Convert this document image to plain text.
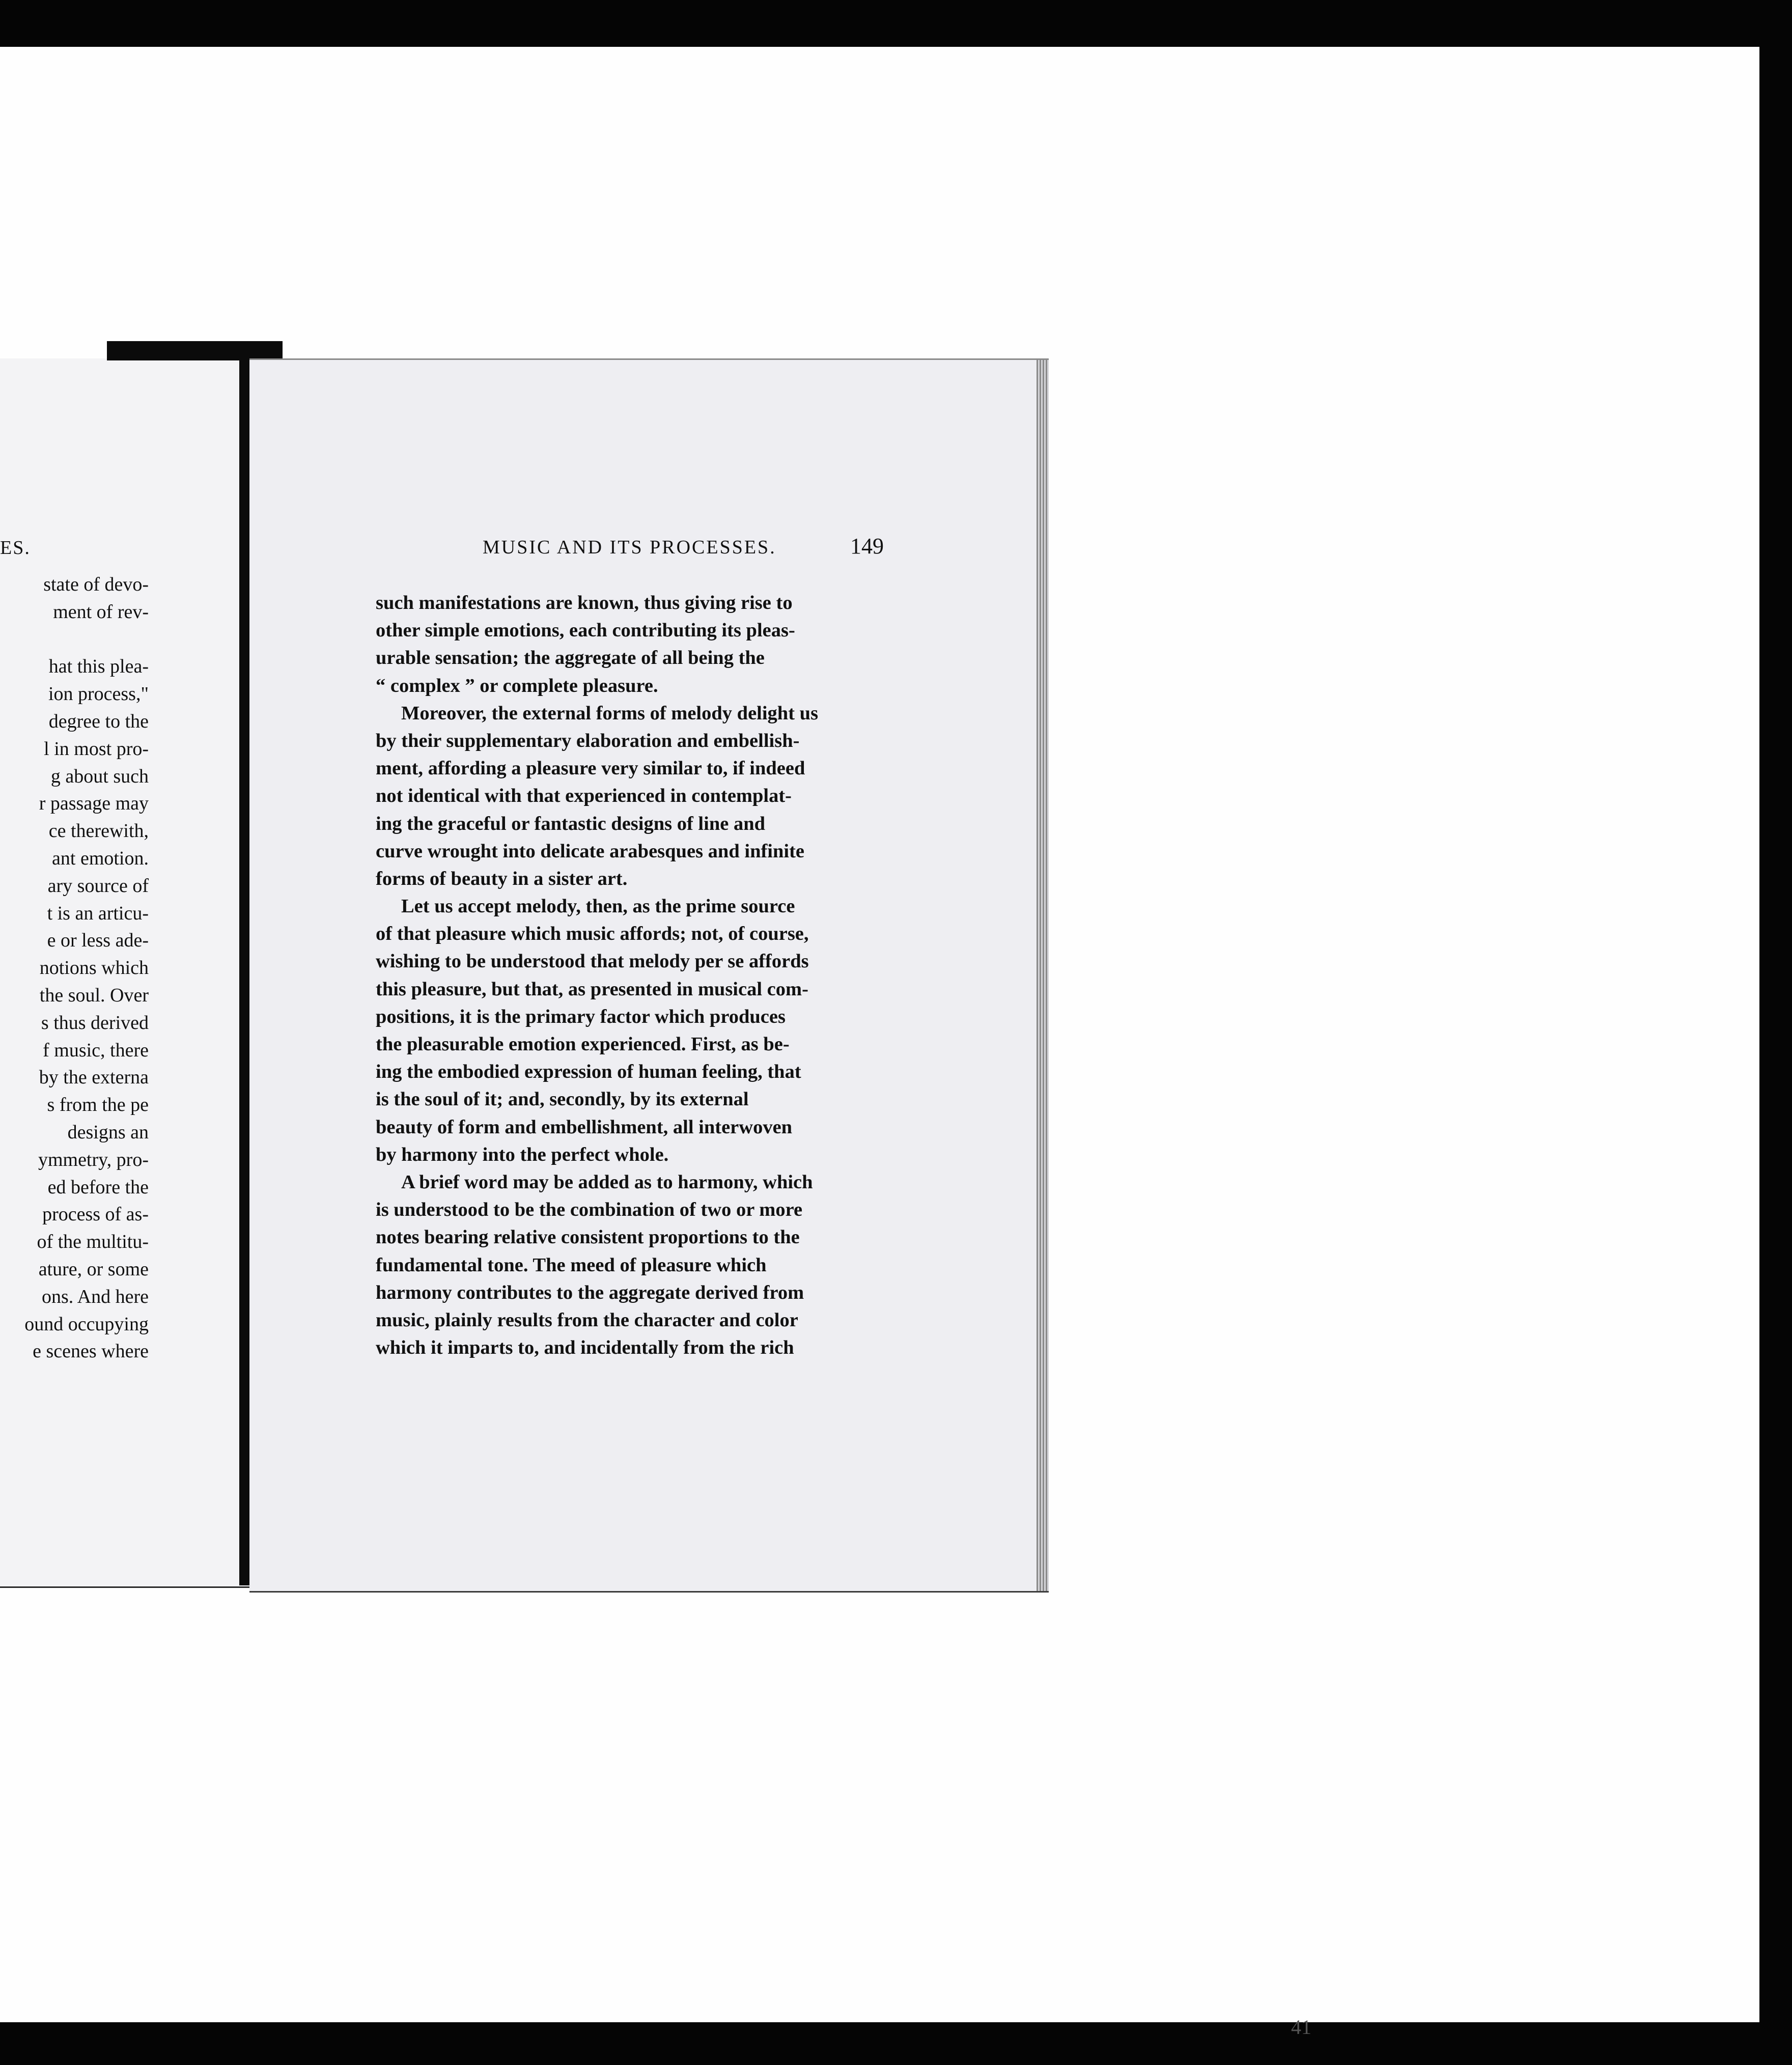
ES.

state of devo-
ment of rev-
hat this plea-
ion process,"
degree to the
l in most pro-
g about such
r passage may
ce therewith,
ant emotion.
ary source of
t is an articu-
e or less ade-
notions which
the soul. Over
s thus derived
f music, there
by the externa
s from the pe
designs an
ymmetry, pro-
ed before the
process of as-
of the multitu-
ature, or some
ons. And here
ound occupying
e scenes where
MUSIC AND ITS PROCESSES.	149
such manifestations are known, thus giving rise to
other simple emotions, each contributing its pleas-
urable sensation; the aggregate of all being the
“ complex ” or complete pleasure.
Moreover, the external forms of melody delight us
by their supplementary elaboration and embellish-
ment, affording a pleasure very similar to, if indeed
not identical with that experienced in contemplat-
ing the graceful or fantastic designs of line and
curve wrought into delicate arabesques and infinite
forms of beauty in a sister art.
Let us accept melody, then, as the prime source
of that pleasure which music affords; not, of course,
wishing to be understood that melody per se affords
this pleasure, but that, as presented in musical com-
positions, it is the primary factor which produces
the pleasurable emotion experienced. First, as be-
ing the embodied expression of human feeling, that
is the soul of it; and, secondly, by its external
beauty of form and embellishment, all interwoven
by harmony into the perfect whole.
A brief word may be added as to harmony, which
is understood to be the combination of two or more
notes bearing relative consistent proportions to the
fundamental tone. The meed of pleasure which
harmony contributes to the aggregate derived from
music, plainly results from the character and color
which it imparts to, and incidentally from the rich
41
